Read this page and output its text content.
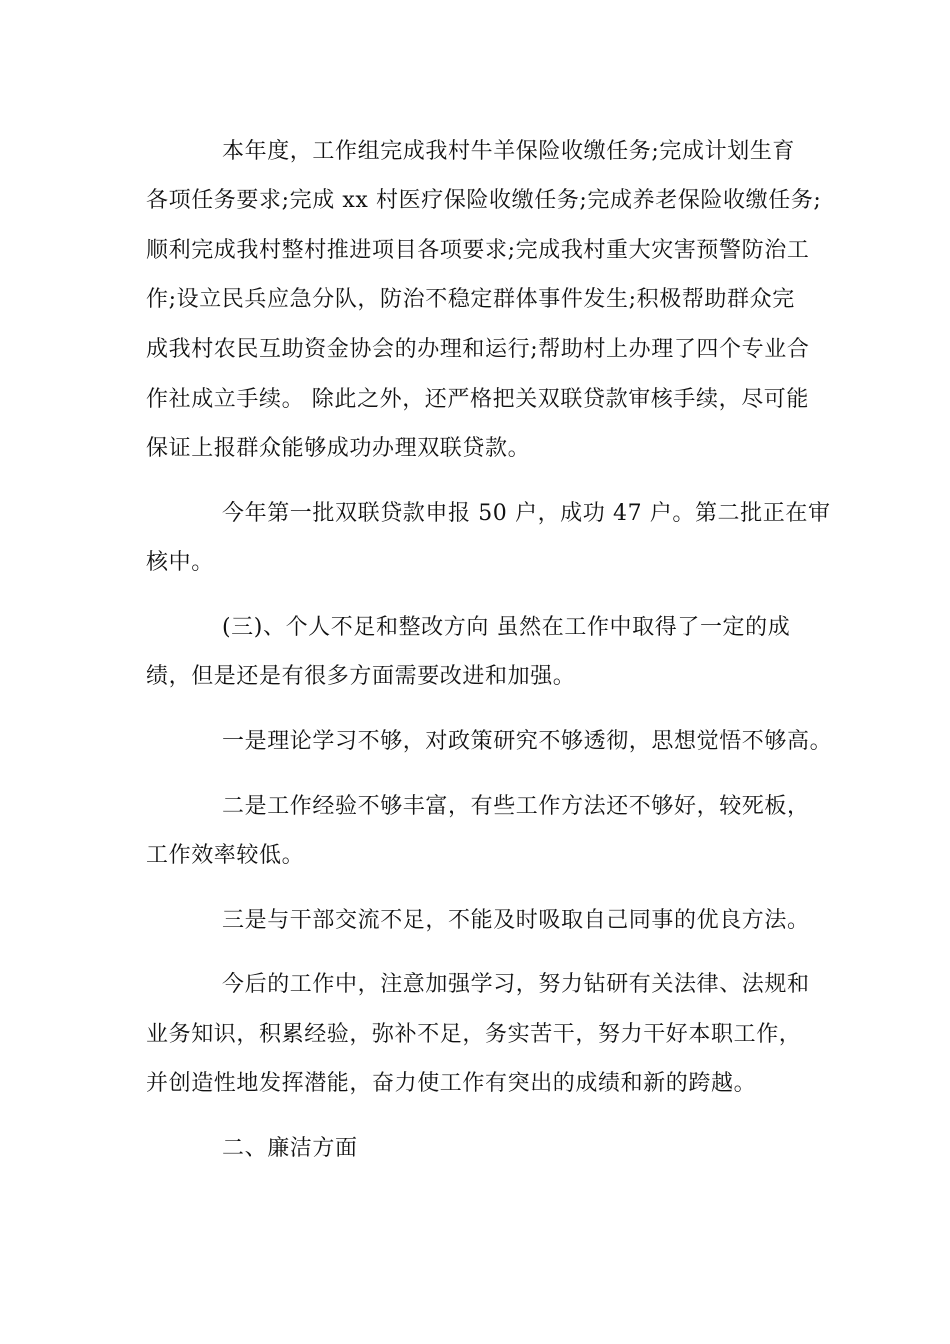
本年度，工作组完成我村牛羊保险收缴任务;完成计划生育

各项任务要求;完成 xx 村医疗保险收缴任务;完成养老保险收缴任务;

顺利完成我村整村推进项目各项要求;完成我村重大灾害预警防治工

作;设立民兵应急分队，防治不稳定群体事件发生;积极帮助群众完

成我村农民互助资金协会的办理和运行;帮助村上办理了四个专业合

作社成立手续。 除此之外，还严格把关双联贷款审核手续，尽可能

保证上报群众能够成功办理双联贷款。

今年第一批双联贷款申报 50 户，成功 47 户。第二批正在审

核中。

(三)、个人不足和整改方向 虽然在工作中取得了一定的成

绩，但是还是有很多方面需要改进和加强。

一是理论学习不够，对政策研究不够透彻，思想觉悟不够高。

二是工作经验不够丰富，有些工作方法还不够好，较死板，

工作效率较低。

三是与干部交流不足，不能及时吸取自己同事的优良方法。

今后的工作中，注意加强学习，努力钻研有关法律、法规和

业务知识，积累经验，弥补不足，务实苦干，努力干好本职工作，

并创造性地发挥潜能，奋力使工作有突出的成绩和新的跨越。

二、廉洁方面
